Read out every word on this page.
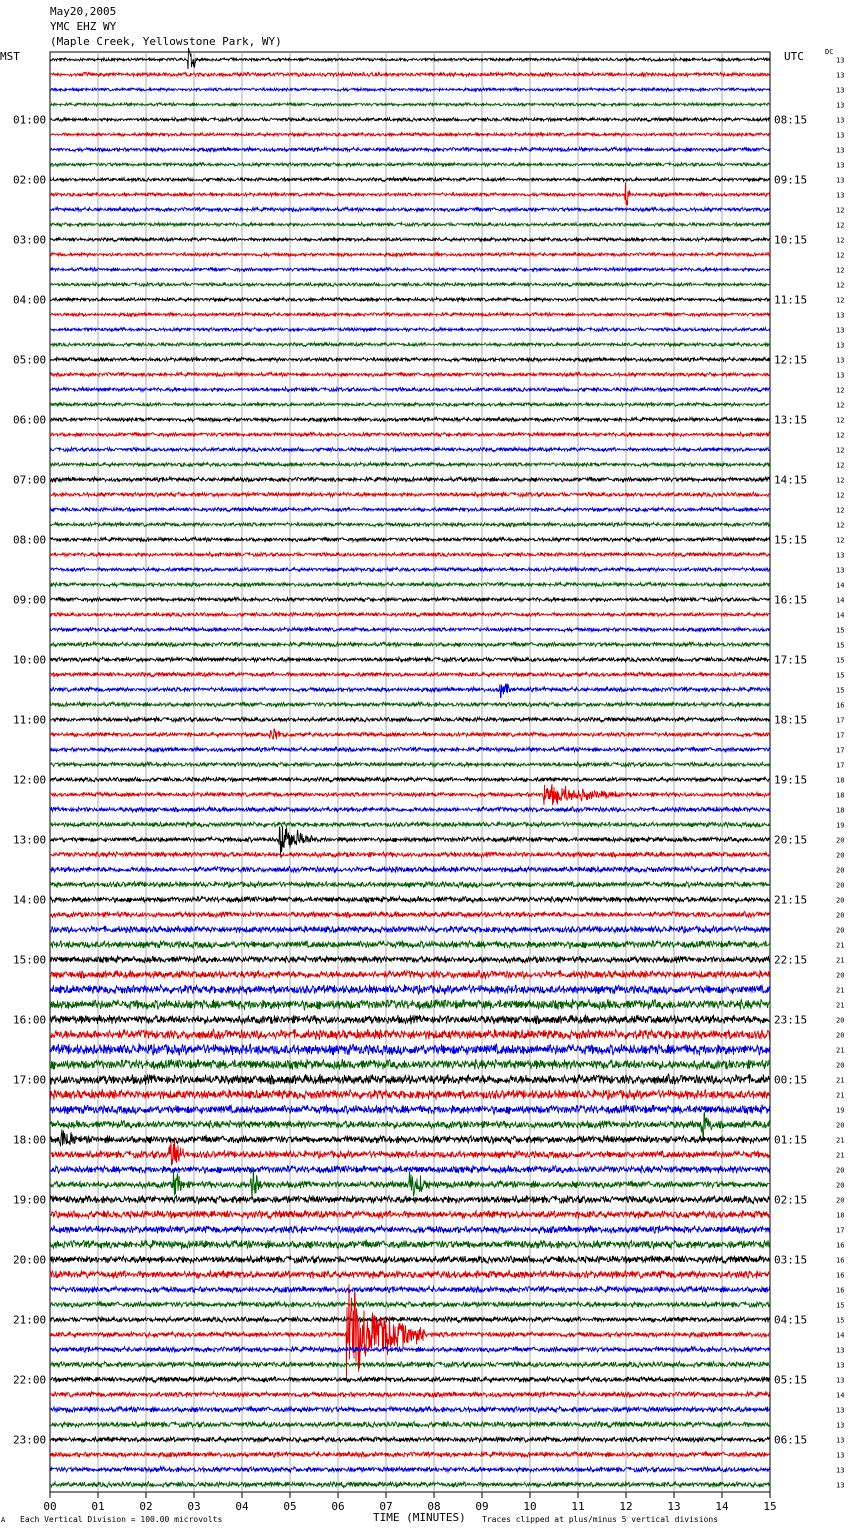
May20,2005
YMC EHZ WY
(Maple Creek, Yellowstone Park, WY)
MST	UTC	DC
00	01	02	03	04	05	06	07	08	09	10	11	12	13	14	15
13
13
13
13
13
01:00	08:15
13
13
13
13
02:00	09:15
13
12
12
12
03:00	10:15
12
12
12
12
04:00	11:15
13
13
13
13
05:00	12:15
13
12
12
12
06:00	13:15
12
12
12
12
07:00	14:15
12
12
12
12
08:00	15:15
13
13
14
14
09:00	16:15
14
15
15
15
10:00	17:15
15
15
16
17
11:00	18:15
17
17
17
18
12:00	19:15
18
18
19
20
13:00	20:15
20
20
20
20
14:00	21:15
20
20
21
21
15:00	22:15
20
21
21
20
16:00	23:15
20
21
20
21
17:00	00:15
21
19
20
21
18:00	01:15
21
20
20
20
19:00	02:15
18
17
16
16
20:00	03:15
16
16
15
15
21:00	04:15
14
13
13
13
22:00	05:15
14
13
13
13
23:00	06:15
13
13
13
A Each Vertical Division = 100.00 microvolts	TIME (MINUTES) Traces clipped at plus/minus 5 vertical divisions
